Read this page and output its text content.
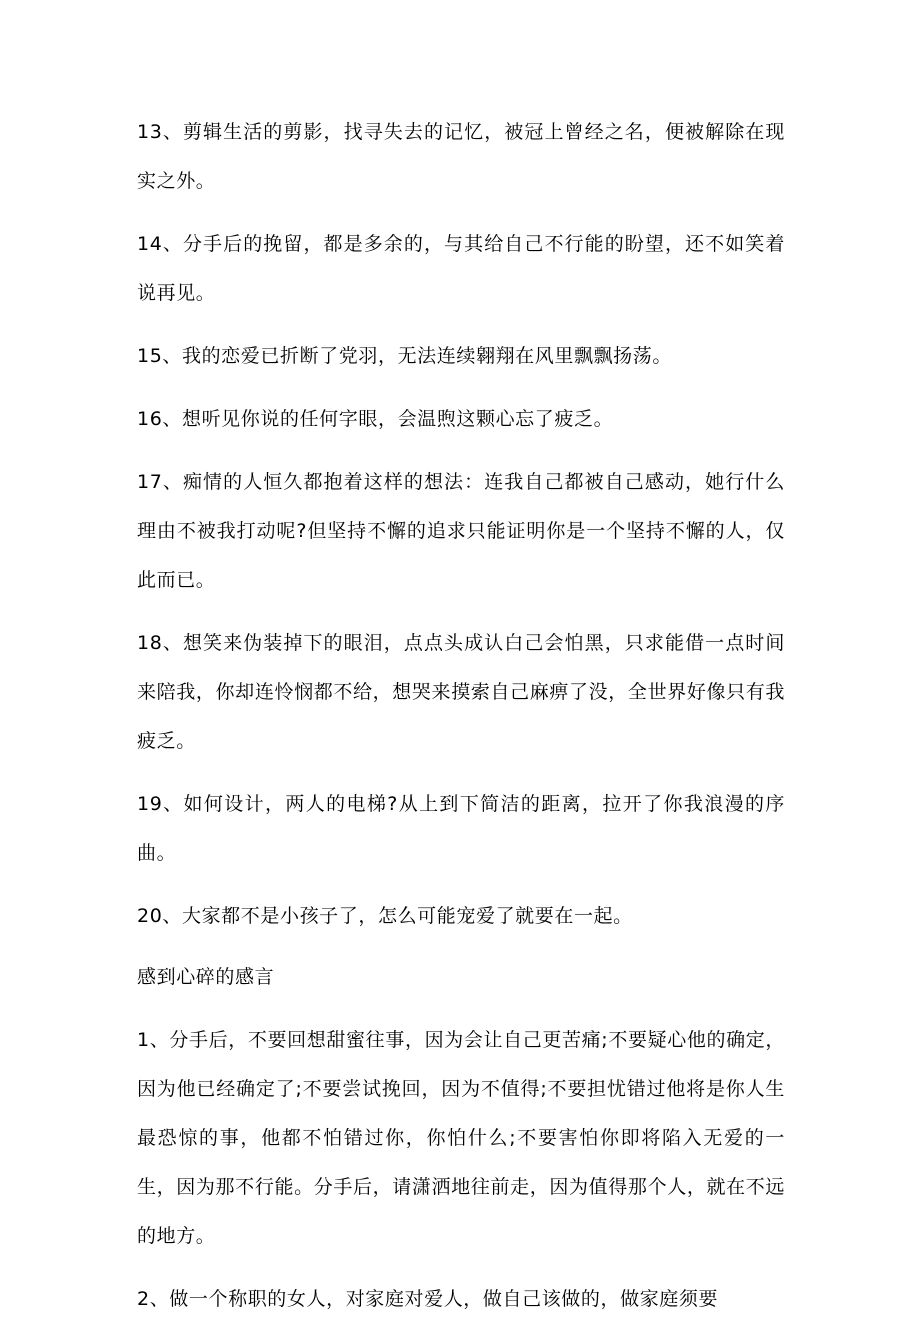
13、剪辑生活的剪影，找寻失去的记忆，被冠上曾经之名，便被解除在现实之外。

14、分手后的挽留，都是多余的，与其给自己不行能的盼望，还不如笑着说再见。

15、我的恋爱已折断了党羽，无法连续翱翔在风里飘飘扬荡。

16、想听见你说的任何字眼，会温煦这颗心忘了疲乏。

17、痴情的人恒久都抱着这样的想法：连我自己都被自己感动，她行什么理由不被我打动呢?但坚持不懈的追求只能证明你是一个坚持不懈的人，仅此而已。

18、想笑来伪装掉下的眼泪，点点头成认白己会怕黑，只求能借一点时间来陪我，你却连怜悯都不给，想哭来摸索自己麻痹了没，全世界好像只有我疲乏。

19、如何设计，两人的电梯?从上到下简洁的距离，拉开了你我浪漫的序曲。

20、大家都不是小孩子了，怎么可能宠爱了就要在一起。

感到心碎的感言

1、分手后，不要回想甜蜜往事，因为会让自己更苦痛;不要疑心他的确定，因为他已经确定了;不要尝试挽回，因为不值得;不要担忧错过他将是你人生最恐惊的事，他都不怕错过你，你怕什么;不要害怕你即将陷入无爱的一生，因为那不行能。分手后，请潇洒地往前走，因为值得那个人，就在不远的地方。

2、做一个称职的女人，对家庭对爱人，做自己该做的，做家庭须要
